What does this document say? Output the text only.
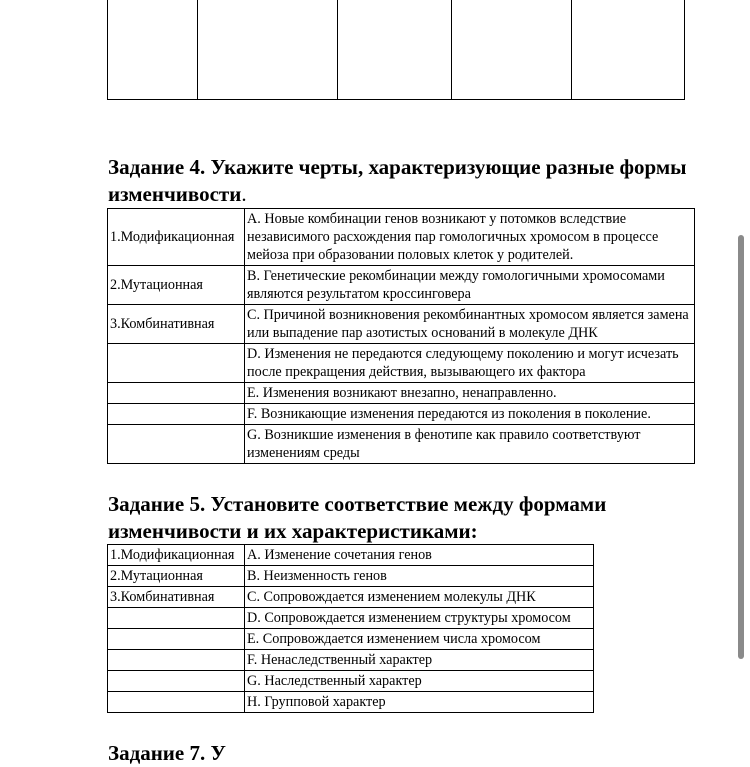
Задание 4. Укажите черты, характеризующие разные формы изменчивости.
1.Модификационная	A. Новые комбинации генов возникают у потомков вследствие независимого расхождения пар гомологичных хромосом в процессе мейоза при образовании половых клеток у родителей.
2.Мутационная	B. Генетические рекомбинации между гомологичными хромосомами являются результатом кроссинговера
3.Комбинативная	C. Причиной возникновения рекомбинантных хромосом является замена или выпадение пар азотистых оснований в молекуле ДНК
	D. Изменения не передаются следующему поколению и могут исчезать после прекращения действия, вызывающего их фактора
	E. Изменения возникают внезапно, ненаправленно.
	F. Возникающие изменения передаются из поколения в поколение.
	G. Возникшие изменения в фенотипе как правило соответствуют изменениям среды
Задание 5. Установите соответствие между формами изменчивости и их характеристиками:
1.Модификационная	A. Изменение сочетания генов
2.Мутационная	B. Неизменность генов
3.Комбинативная	C. Сопровождается изменением молекулы ДНК
	D. Сопровождается изменением структуры хромосом
	E. Сопровождается изменением числа хромосом
	F. Ненаследственный характер
	G. Наследственный характер
	H. Групповой характер
Задание 7. У
